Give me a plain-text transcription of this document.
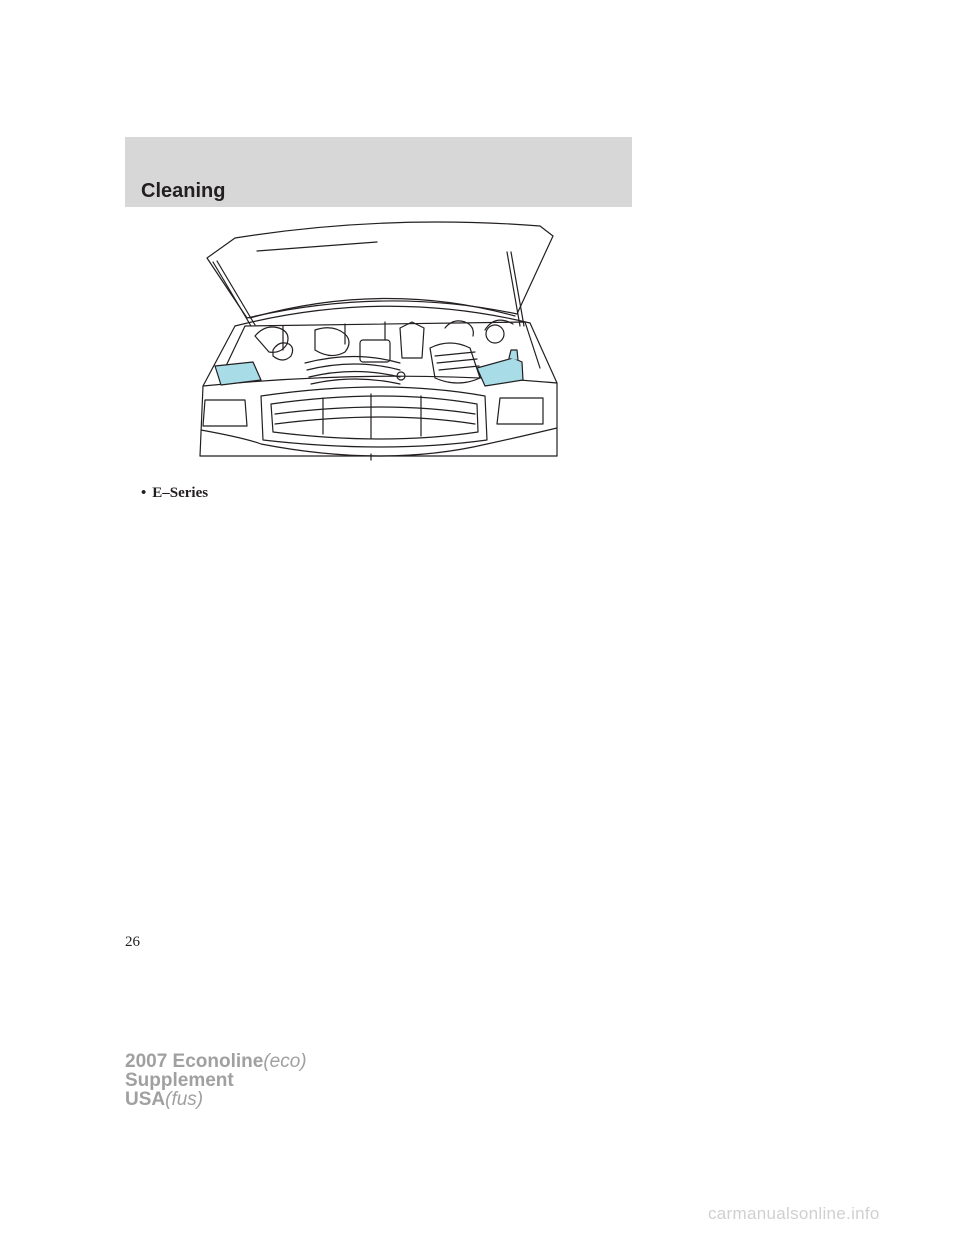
Cleaning
• E–Series
26
2007 Econoline(eco)
Supplement
USA(fus)
carmanualsonline.info
